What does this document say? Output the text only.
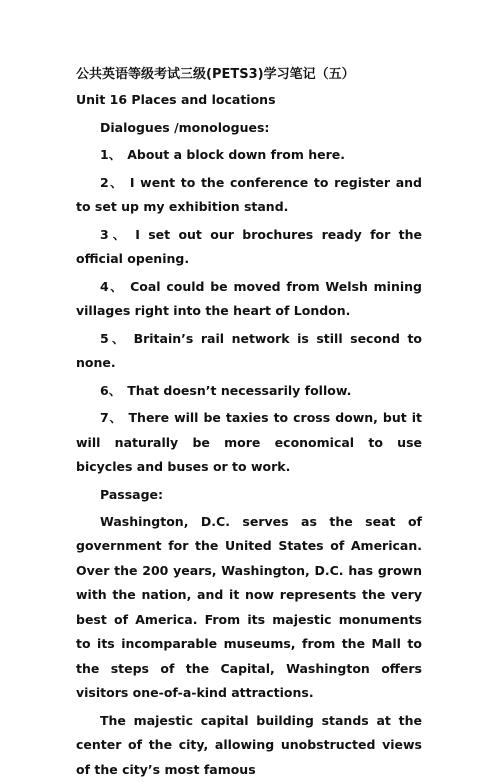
公共英语等级考试三级(PETS3)学习笔记（五）
Unit 16 Places and locations
Dialogues /monologues:
1、 About a block down from here.
2、 I went to the conference to register and to set up my exhibition stand.
3、 I set out our brochures ready for the official opening.
4、 Coal could be moved from Welsh mining villages right into the heart of London.
5、 Britain’s rail network is still second to none.
6、 That doesn’t necessarily follow.
7、 There will be taxies to cross down, but it will naturally be more economical to use bicycles and buses or to work.
Passage:
Washington, D.C. serves as the seat of government for the United States of American. Over the 200 years, Washington, D.C. has grown with the nation, and it now represents the very best of America. From its majestic monuments to its incomparable museums, from the Mall to the steps of the Capital, Washington offers visitors one-of-a-kind attractions.
The majestic capital building stands at the center of the city, allowing unobstructed views of the city’s most famous
